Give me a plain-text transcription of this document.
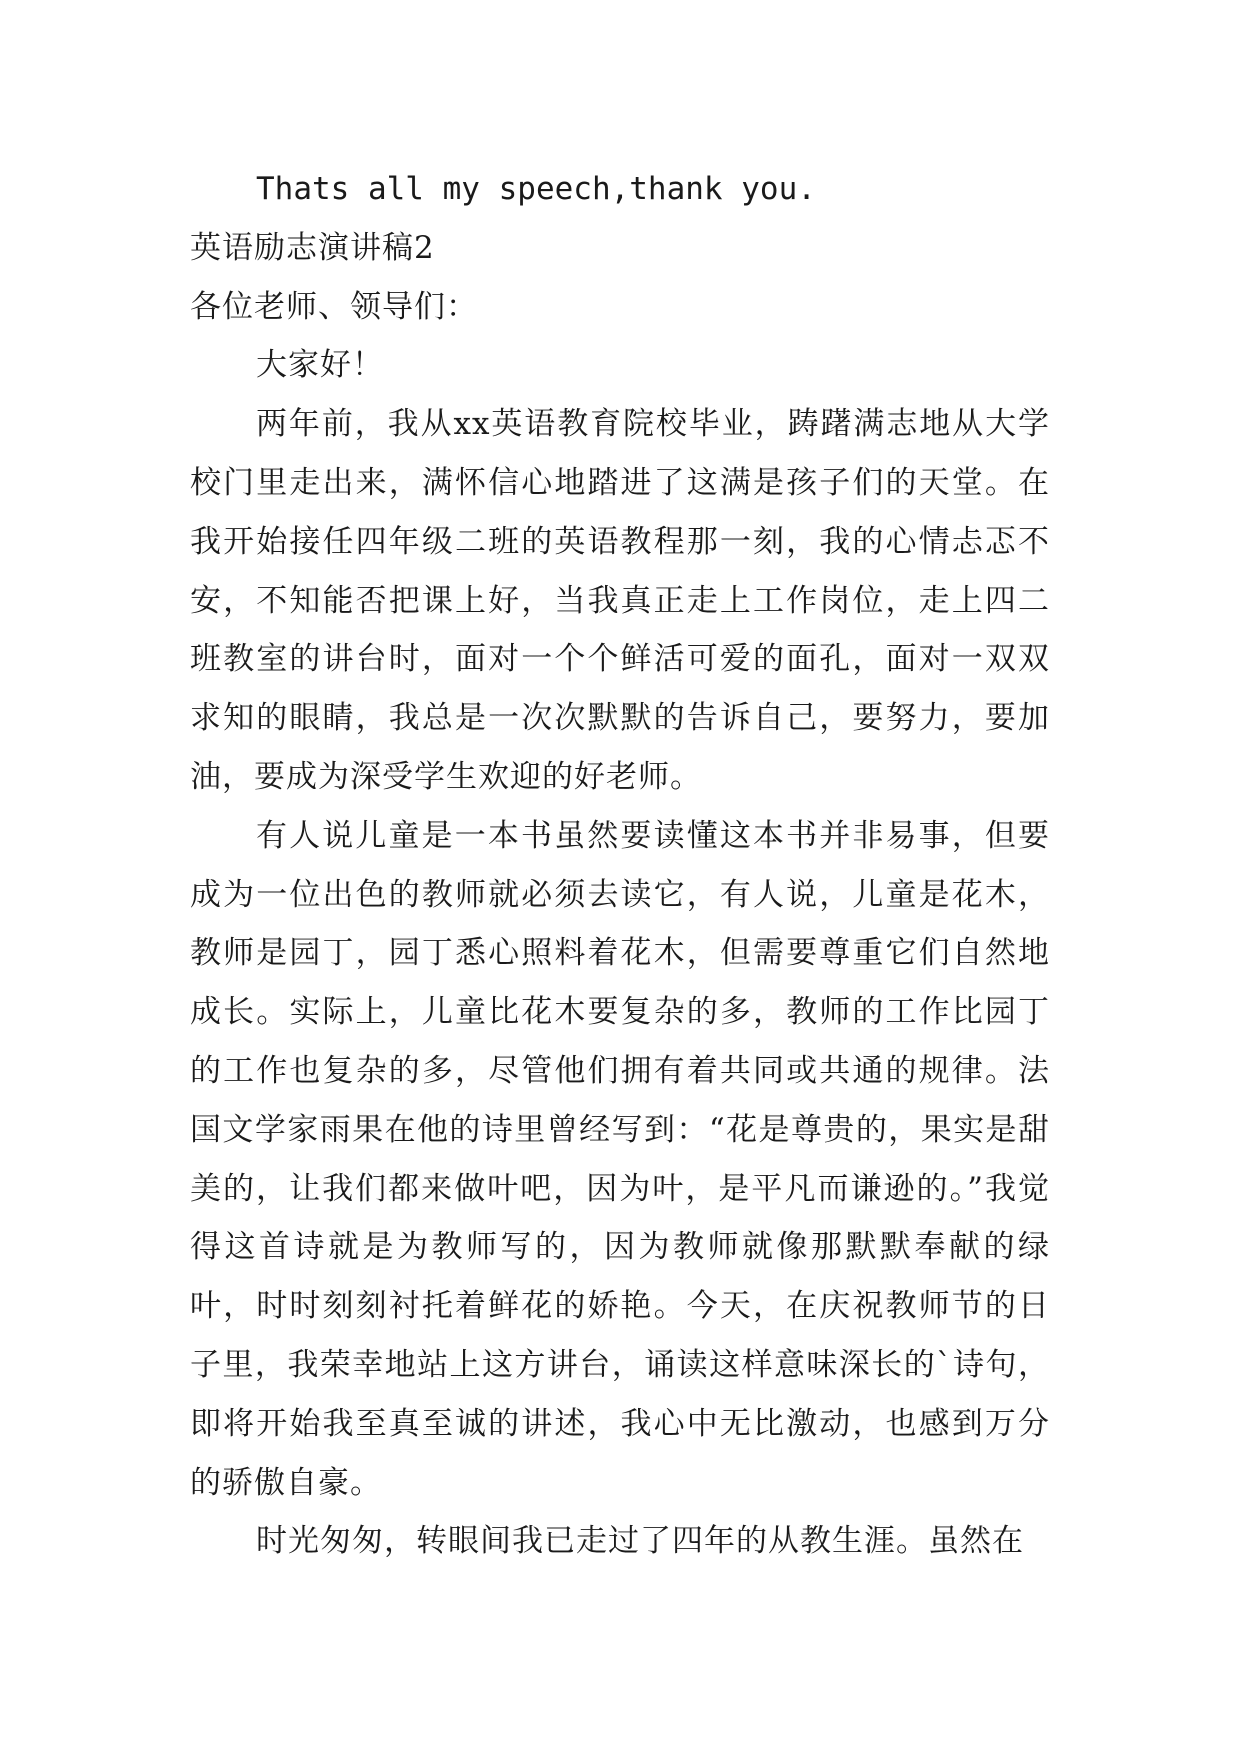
Thats all my speech,thank you.
英语励志演讲稿2
各位老师、领导们：
大家好！

两年前，我从xx英语教育院校毕业，踌躇满志地从大学校门里走出来，满怀信心地踏进了这满是孩子们的天堂。在我开始接任四年级二班的英语教程那一刻，我的心情忐忑不安，不知能否把课上好，当我真正走上工作岗位，走上四二班教室的讲台时，面对一个个鲜活可爱的面孔，面对一双双求知的眼睛，我总是一次次默默的告诉自己，要努力，要加油，要成为深受学生欢迎的好老师。

有人说儿童是一本书虽然要读懂这本书并非易事，但要成为一位出色的教师就必须去读它，有人说，儿童是花木，教师是园丁，园丁悉心照料着花木，但需要尊重它们自然地成长。实际上，儿童比花木要复杂的多，教师的工作比园丁的工作也复杂的多，尽管他们拥有着共同或共通的规律。法国文学家雨果在他的诗里曾经写到：“花是尊贵的，果实是甜美的，让我们都来做叶吧，因为叶，是平凡而谦逊的。”我觉得这首诗就是为教师写的，因为教师就像那默默奉献的绿叶，时时刻刻衬托着鲜花的娇艳。今天，在庆祝教师节的日子里，我荣幸地站上这方讲台，诵读这样意味深长的`诗句，即将开始我至真至诚的讲述，我心中无比激动，也感到万分的骄傲自豪。

时光匆匆，转眼间我已走过了四年的从教生涯。虽然在
